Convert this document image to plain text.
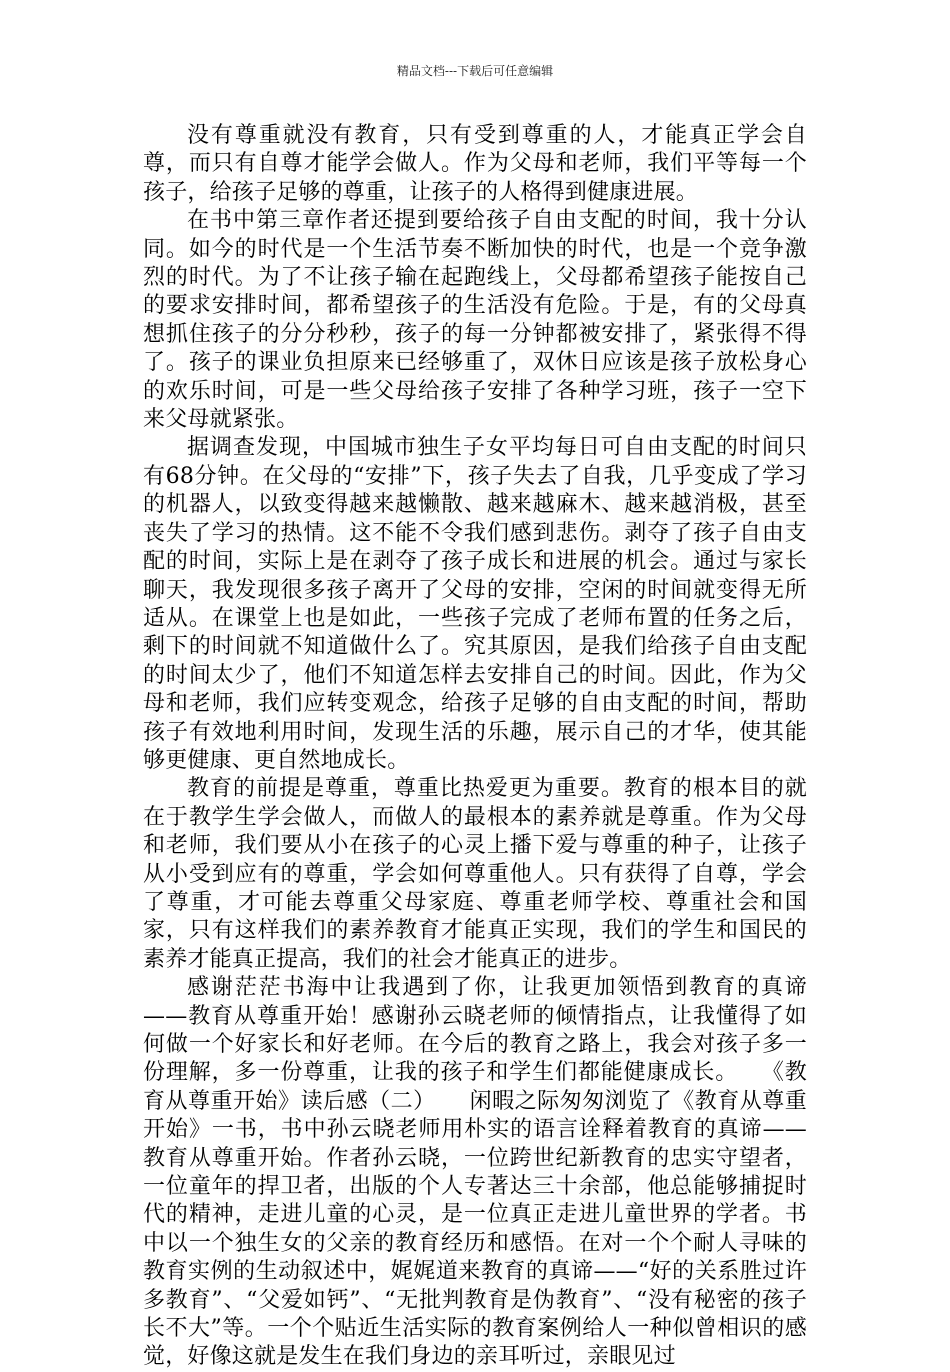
精品文档---下载后可任意编辑

没有尊重就没有教育，只有受到尊重的人，才能真正学会自尊，而只有自尊才能学会做人。作为父母和老师，我们平等每一个孩子，给孩子足够的尊重，让孩子的人格得到健康进展。

在书中第三章作者还提到要给孩子自由支配的时间，我十分认同。如今的时代是一个生活节奏不断加快的时代，也是一个竞争激烈的时代。为了不让孩子输在起跑线上，父母都希望孩子能按自己的要求安排时间，都希望孩子的生活没有危险。于是，有的父母真想抓住孩子的分分秒秒，孩子的每一分钟都被安排了，紧张得不得了。孩子的课业负担原来已经够重了，双休日应该是孩子放松身心的欢乐时间，可是一些父母给孩子安排了各种学习班，孩子一空下来父母就紧张。

据调查发现，中国城市独生子女平均每日可自由支配的时间只有68分钟。在父母的“安排”下，孩子失去了自我，几乎变成了学习的机器人，以致变得越来越懒散、越来越麻木、越来越消极，甚至丧失了学习的热情。这不能不令我们感到悲伤。剥夺了孩子自由支配的时间，实际上是在剥夺了孩子成长和进展的机会。通过与家长聊天，我发现很多孩子离开了父母的安排，空闲的时间就变得无所适从。在课堂上也是如此，一些孩子完成了老师布置的任务之后，剩下的时间就不知道做什么了。究其原因，是我们给孩子自由支配的时间太少了，他们不知道怎样去安排自己的时间。因此，作为父母和老师，我们应转变观念，给孩子足够的自由支配的时间，帮助孩子有效地利用时间，发现生活的乐趣，展示自己的才华，使其能够更健康、更自然地成长。

教育的前提是尊重，尊重比热爱更为重要。教育的根本目的就在于教学生学会做人，而做人的最根本的素养就是尊重。作为父母和老师，我们要从小在孩子的心灵上播下爱与尊重的种子，让孩子从小受到应有的尊重，学会如何尊重他人。只有获得了自尊，学会了尊重，才可能去尊重父母家庭、尊重老师学校、尊重社会和国家，只有这样我们的素养教育才能真正实现，我们的学生和国民的素养才能真正提高，我们的社会才能真正的进步。

感谢茫茫书海中让我遇到了你，让我更加领悟到教育的真谛——教育从尊重开始！感谢孙云晓老师的倾情指点，让我懂得了如何做一个好家长和好老师。在今后的教育之路上，我会对孩子多一份理解，多一份尊重，让我的孩子和学生们都能健康成长。　　《教育从尊重开始》读后感（二）　　闲暇之际匆匆浏览了《教育从尊重开始》一书，书中孙云晓老师用朴实的语言诠释着教育的真谛——教育从尊重开始。作者孙云晓，一位跨世纪新教育的忠实守望者，一位童年的捍卫者，出版的个人专著达三十余部，他总能够捕捉时代的精神，走进儿童的心灵，是一位真正走进儿童世界的学者。书中以一个独生女的父亲的教育经历和感悟。在对一个个耐人寻味的教育实例的生动叙述中，娓娓道来教育的真谛——“好的关系胜过许多教育”、“父爱如钙”、“无批判教育是伪教育”、“没有秘密的孩子长不大”等。一个个贴近生活实际的教育案例给人一种似曾相识的感觉，好像这就是发生在我们身边的亲耳听过，亲眼见过
